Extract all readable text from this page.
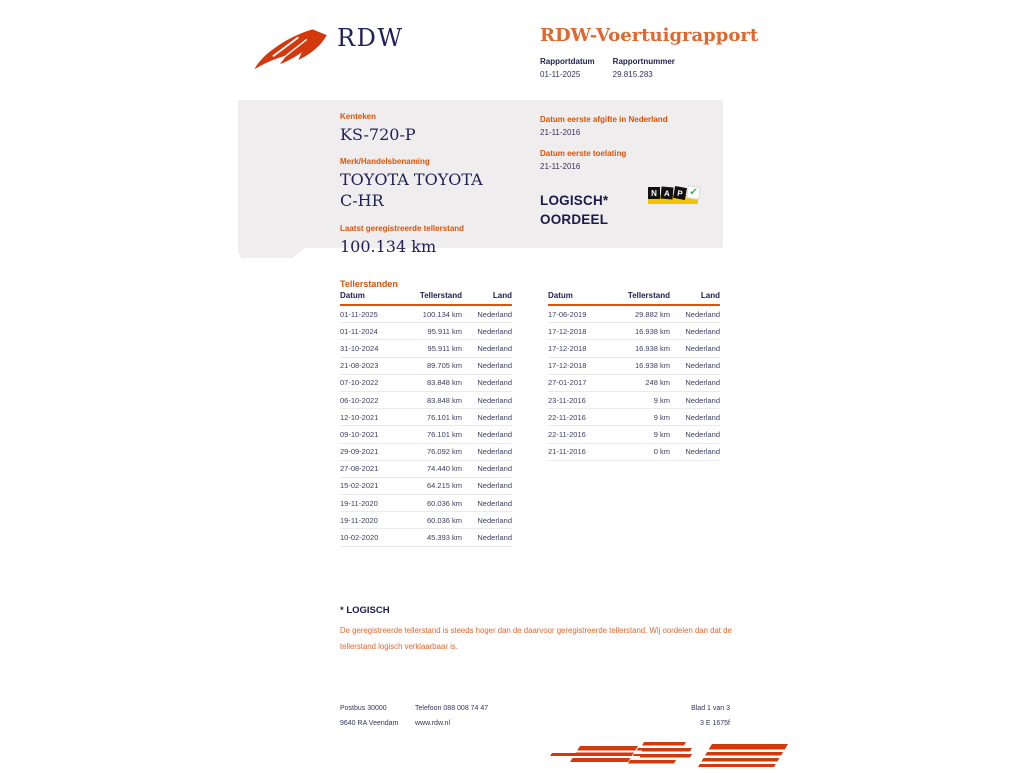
RDW	RDW-Voertuigrapport
Rapportdatum
01-11-2025
Rapportnummer
29.815.283
Kenteken
KS-720-P
Merk/Handelsbenaming
TOYOTA TOYOTA C-HR
Laatst geregistreerde tellerstand
100.134 km
Datum eerste afgifte in Nederland
21-11-2016
Datum eerste toelating
21-11-2016
LOGISCH*
OORDEEL
N A P ✓
Tellerstanden
Datum	Tellerstand	Land
01-11-2025	100.134 km	Nederland
01-11-2024	95.911 km	Nederland
31-10-2024	95.911 km	Nederland
21-08-2023	89.705 km	Nederland
07-10-2022	83.848 km	Nederland
06-10-2022	83.848 km	Nederland
12-10-2021	76.101 km	Nederland
09-10-2021	76.101 km	Nederland
29-09-2021	76.092 km	Nederland
27-08-2021	74.440 km	Nederland
15-02-2021	64.215 km	Nederland
19-11-2020	60.036 km	Nederland
19-11-2020	60.036 km	Nederland
10-02-2020	45.393 km	Nederland
Datum	Tellerstand	Land
17-06-2019	29.882 km	Nederland
17-12-2018	16.938 km	Nederland
17-12-2018	16.938 km	Nederland
17-12-2018	16.938 km	Nederland
27-01-2017	248 km	Nederland
23-11-2016	9 km	Nederland
22-11-2016	9 km	Nederland
22-11-2016	9 km	Nederland
21-11-2016	0 km	Nederland
* LOGISCH

De geregistreerde tellerstand is steeds hoger dan de daarvoor geregistreerde tellerstand. Wij oordelen dan dat de tellerstand logisch verklaarbaar is.

Postbus 30000
9640 RA Veendam
Telefoon 088 008 74 47
www.rdw.nl
Blad 1 van 3
3 E 1675f
